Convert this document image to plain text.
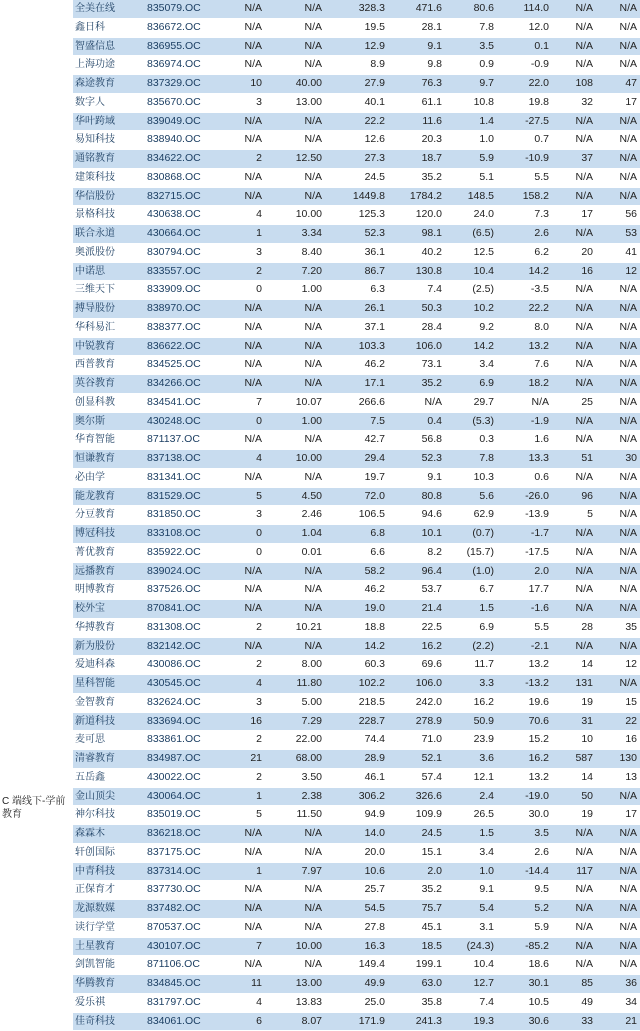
C 端线下-学前教育
全美在线	835079.OC	N/A	N/A	328.3	471.6	80.6	114.0	N/A	N/A
鑫日科	836672.OC	N/A	N/A	19.5	28.1	7.8	12.0	N/A	N/A
智盛信息	836955.OC	N/A	N/A	12.9	9.1	3.5	0.1	N/A	N/A
上海功途	836974.OC	N/A	N/A	8.9	9.8	0.9	-0.9	N/A	N/A
森途教育	837329.OC	10	40.00	27.9	76.3	9.7	22.0	108	47
数字人	835670.OC	3	13.00	40.1	61.1	10.8	19.8	32	17
华叶跨域	839049.OC	N/A	N/A	22.2	11.6	1.4	-27.5	N/A	N/A
易知科技	838940.OC	N/A	N/A	12.6	20.3	1.0	0.7	N/A	N/A
通铭教育	834622.OC	2	12.50	27.3	18.7	5.9	-10.9	37	N/A
建策科技	830868.OC	N/A	N/A	24.5	35.2	5.1	5.5	N/A	N/A
华信股份	832715.OC	N/A	N/A	1449.8	1784.2	148.5	158.2	N/A	N/A
景格科技	430638.OC	4	10.00	125.3	120.0	24.0	7.3	17	56
联合永道	430664.OC	1	3.34	52.3	98.1	(6.5)	2.6	N/A	53
奥派股份	830794.OC	3	8.40	36.1	40.2	12.5	6.2	20	41
中诺思	833557.OC	2	7.20	86.7	130.8	10.4	14.2	16	12
三维天下	833909.OC	0	1.00	6.3	7.4	(2.5)	-3.5	N/A	N/A
搏导股份	838970.OC	N/A	N/A	26.1	50.3	10.2	22.2	N/A	N/A
华科易汇	838377.OC	N/A	N/A	37.1	28.4	9.2	8.0	N/A	N/A
中锐教育	836622.OC	N/A	N/A	103.3	106.0	14.2	13.2	N/A	N/A
西普教育	834525.OC	N/A	N/A	46.2	73.1	3.4	7.6	N/A	N/A
英谷教育	834266.OC	N/A	N/A	17.1	35.2	6.9	18.2	N/A	N/A
创显科教	834541.OC	7	10.07	266.6	N/A	29.7	N/A	25	N/A
奥尔斯	430248.OC	0	1.00	7.5	0.4	(5.3)	-1.9	N/A	N/A
华育智能	871137.OC	N/A	N/A	42.7	56.8	0.3	1.6	N/A	N/A
恒谦教育	837138.OC	4	10.00	29.4	52.3	7.8	13.3	51	30
必由学	831341.OC	N/A	N/A	19.7	9.1	10.3	0.6	N/A	N/A
能龙教育	831529.OC	5	4.50	72.0	80.8	5.6	-26.0	96	N/A
分豆教育	831850.OC	3	2.46	106.5	94.6	62.9	-13.9	5	N/A
博冠科技	833108.OC	0	1.04	6.8	10.1	(0.7)	-1.7	N/A	N/A
菁优教育	835922.OC	0	0.01	6.6	8.2	(15.7)	-17.5	N/A	N/A
远播教育	839024.OC	N/A	N/A	58.2	96.4	(1.0)	2.0	N/A	N/A
明博教育	837526.OC	N/A	N/A	46.2	53.7	6.7	17.7	N/A	N/A
校外宝	870841.OC	N/A	N/A	19.0	21.4	1.5	-1.6	N/A	N/A
华搏教育	831308.OC	2	10.21	18.8	22.5	6.9	5.5	28	35
新为股份	832142.OC	N/A	N/A	14.2	16.2	(2.2)	-2.1	N/A	N/A
爱迪科森	430086.OC	2	8.00	60.3	69.6	11.7	13.2	14	12
星科智能	430545.OC	4	11.80	102.2	106.0	3.3	-13.2	131	N/A
金智教育	832624.OC	3	5.00	218.5	242.0	16.2	19.6	19	15
新道科技	833694.OC	16	7.29	228.7	278.9	50.9	70.6	31	22
麦可思	833861.OC	2	22.00	74.4	71.0	23.9	15.2	10	16
清睿教育	834987.OC	21	68.00	28.9	52.1	3.6	16.2	587	130
五岳鑫	430022.OC	2	3.50	46.1	57.4	12.1	13.2	14	13
金山顶尖	430064.OC	1	2.38	306.2	326.6	2.4	-19.0	50	N/A
神尔科技	835019.OC	5	11.50	94.9	109.9	26.5	30.0	19	17
森霖木	836218.OC	N/A	N/A	14.0	24.5	1.5	3.5	N/A	N/A
轩创国际	837175.OC	N/A	N/A	20.0	15.1	3.4	2.6	N/A	N/A
中青科技	837314.OC	1	7.97	10.6	2.0	1.0	-14.4	117	N/A
正保育才	837730.OC	N/A	N/A	25.7	35.2	9.1	9.5	N/A	N/A
龙源数媒	837482.OC	N/A	N/A	54.5	75.7	5.4	5.2	N/A	N/A
读行学堂	870537.OC	N/A	N/A	27.8	45.1	3.1	5.9	N/A	N/A
土星教育	430107.OC	7	10.00	16.3	18.5	(24.3)	-85.2	N/A	N/A
剑凯智能	871106.OC	N/A	N/A	149.4	199.1	10.4	18.6	N/A	N/A
华腾教育	834845.OC	11	13.00	49.9	63.0	12.7	30.1	85	36
爱乐祺	831797.OC	4	13.83	25.0	35.8	7.4	10.5	49	34
佳奇科技	834061.OC	6	8.07	171.9	241.3	19.3	30.6	33	21
